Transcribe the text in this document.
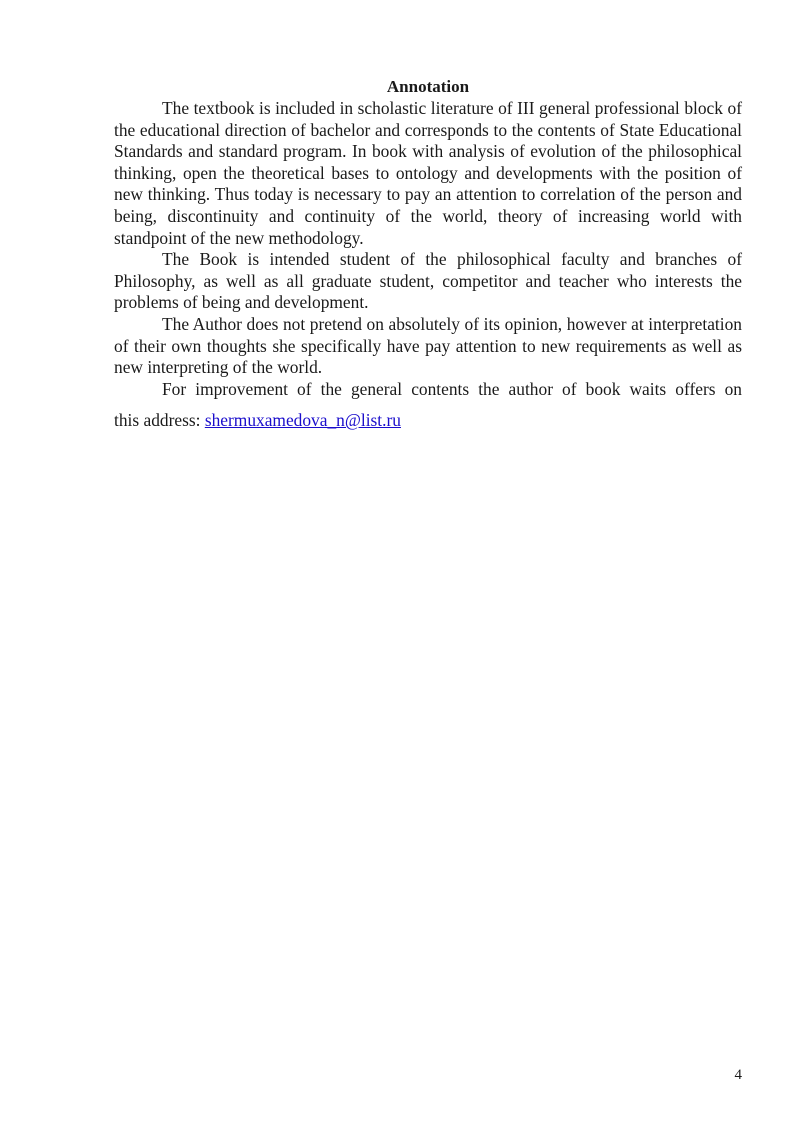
Annotation

The textbook is included in scholastic literature of III general professional block of the educational direction of bachelor and corresponds to the contents of State Educational Standards and standard program. In book with analysis of evolution of the philosophical thinking, open the theoretical bases to ontology and developments with the position of new thinking. Thus today is necessary to pay an attention to correlation of the person and being, discontinuity and continuity of the world, theory of increasing world with standpoint of the new methodology.

The Book is intended student of the philosophical faculty and branches of Philosophy, as well as all graduate student, competitor and teacher who interests the problems of being and development.

The Author does not pretend on absolutely of its opinion, however at interpretation of their own thoughts she specifically have pay attention to new requirements as well as new interpreting of the world.

For improvement of the general contents the author of book waits offers on

this address: shermuxamedova_n@list.ru

4
